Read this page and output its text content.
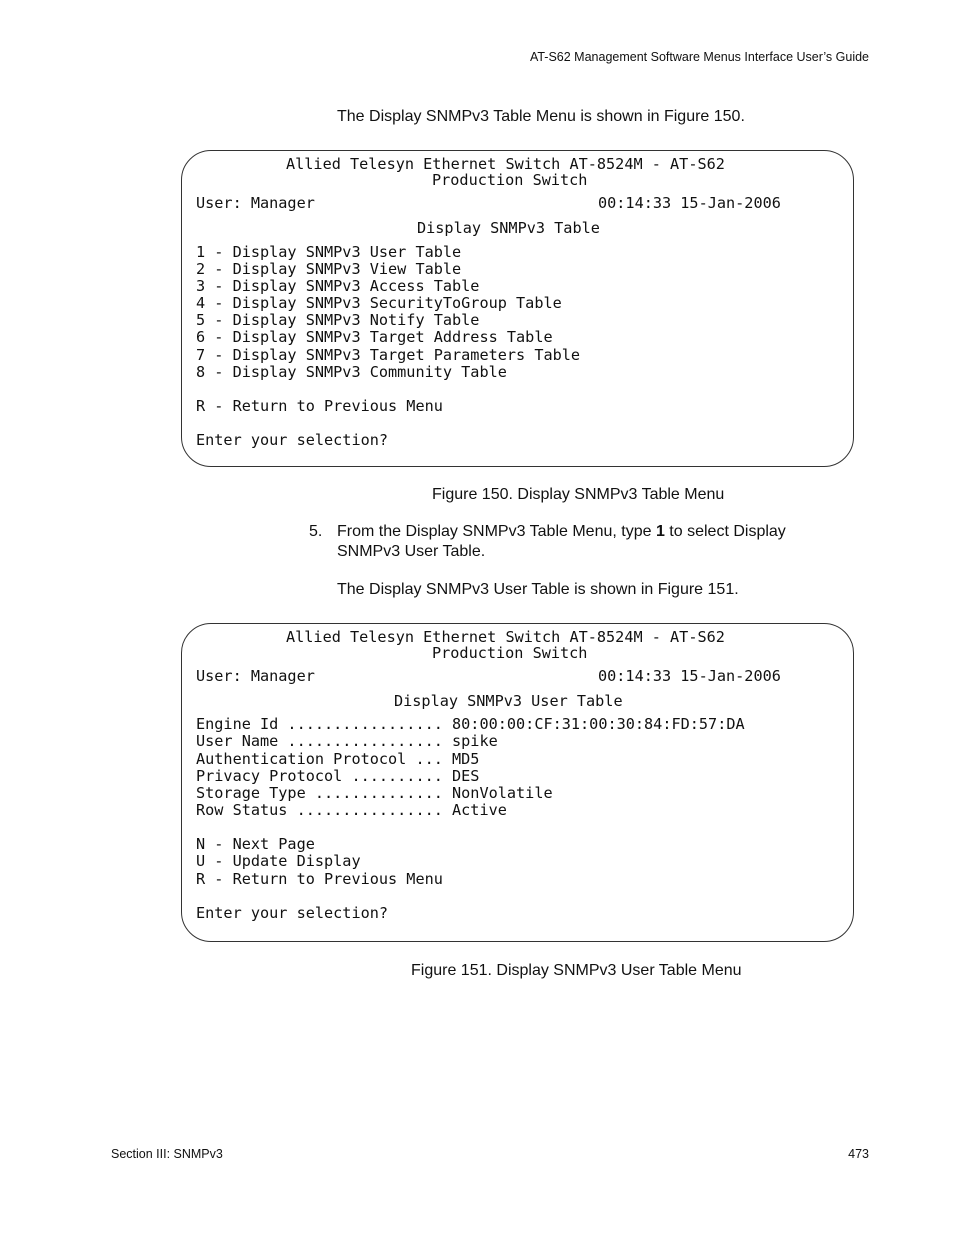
AT-S62 Management Software Menus Interface User’s Guide
The Display SNMPv3 Table Menu is shown in Figure 150.
Allied Telesyn Ethernet Switch AT-8524M - AT-S62
Production Switch
User: Manager	00:14:33 15-Jan-2006
Display SNMPv3 Table
1 - Display SNMPv3 User Table
2 - Display SNMPv3 View Table
3 - Display SNMPv3 Access Table
4 - Display SNMPv3 SecurityToGroup Table
5 - Display SNMPv3 Notify Table
6 - Display SNMPv3 Target Address Table
7 - Display SNMPv3 Target Parameters Table
8 - Display SNMPv3 Community Table
R - Return to Previous Menu
Enter your selection?
Figure 150. Display SNMPv3 Table Menu
5. From the Display SNMPv3 Table Menu, type 1 to select Display
SNMPv3 User Table.
The Display SNMPv3 User Table is shown in Figure 151.
Allied Telesyn Ethernet Switch AT-8524M - AT-S62
Production Switch
User: Manager	00:14:33 15-Jan-2006
Display SNMPv3 User Table
Engine Id ................. 80:00:00:CF:31:00:30:84:FD:57:DA
User Name ................. spike
Authentication Protocol ... MD5
Privacy Protocol .......... DES
Storage Type .............. NonVolatile
Row Status ................ Active
N - Next Page
U - Update Display
R - Return to Previous Menu
Enter your selection?
Figure 151. Display SNMPv3 User Table Menu
Section III: SNMPv3	473
